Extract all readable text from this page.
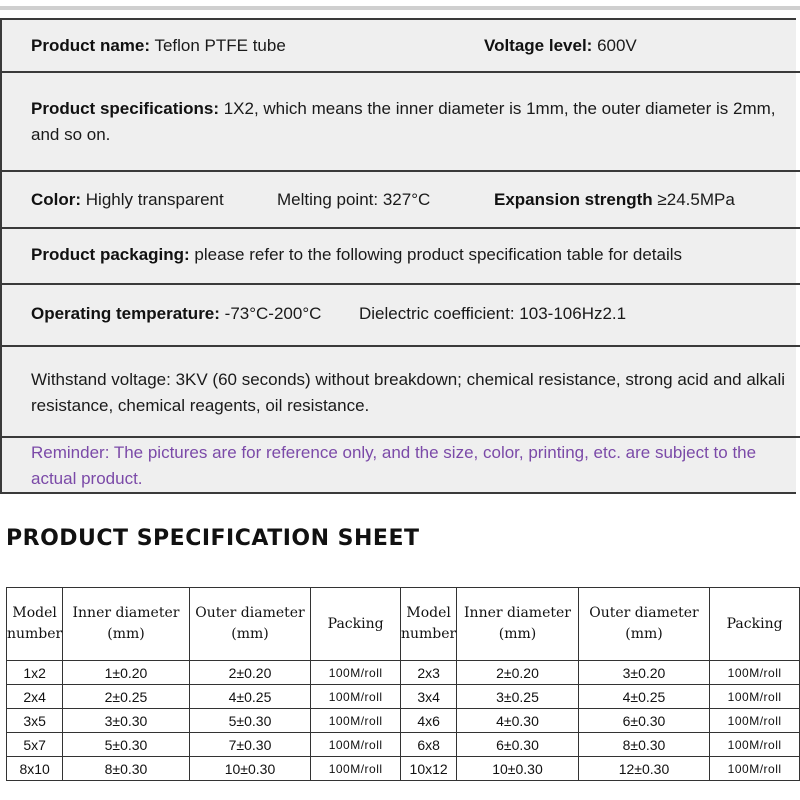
Product name: Teflon PTFE tube	Voltage level: 600V
Product specifications: 1X2, which means the inner diameter is 1mm, the outer diameter is 2mm, and so on.
Color: Highly transparent	Melting point: 327°C	Expansion strength ≥24.5MPa
Product packaging: please refer to the following product specification table for details
Operating temperature: -73°C-200°C Dielectric coefficient: 103-106Hz2.1
Withstand voltage: 3KV (60 seconds) without breakdown; chemical resistance, strong acid and alkali resistance, chemical reagents, oil resistance.
Reminder: The pictures are for reference only, and the size, color, printing, etc. are subject to the actual product.
PRODUCT SPECIFICATION SHEET
Model number	Inner diameter (mm)	Outer diameter (mm)	Packing	Model number	Inner diameter (mm)	Outer diameter (mm)	Packing
1x2	1±0.20	2±0.20	100M/roll	2x3	2±0.20	3±0.20	100M/roll
2x4	2±0.25	4±0.25	100M/roll	3x4	3±0.25	4±0.25	100M/roll
3x5	3±0.30	5±0.30	100M/roll	4x6	4±0.30	6±0.30	100M/roll
5x7	5±0.30	7±0.30	100M/roll	6x8	6±0.30	8±0.30	100M/roll
8x10	8±0.30	10±0.30	100M/roll	10x12	10±0.30	12±0.30	100M/roll
